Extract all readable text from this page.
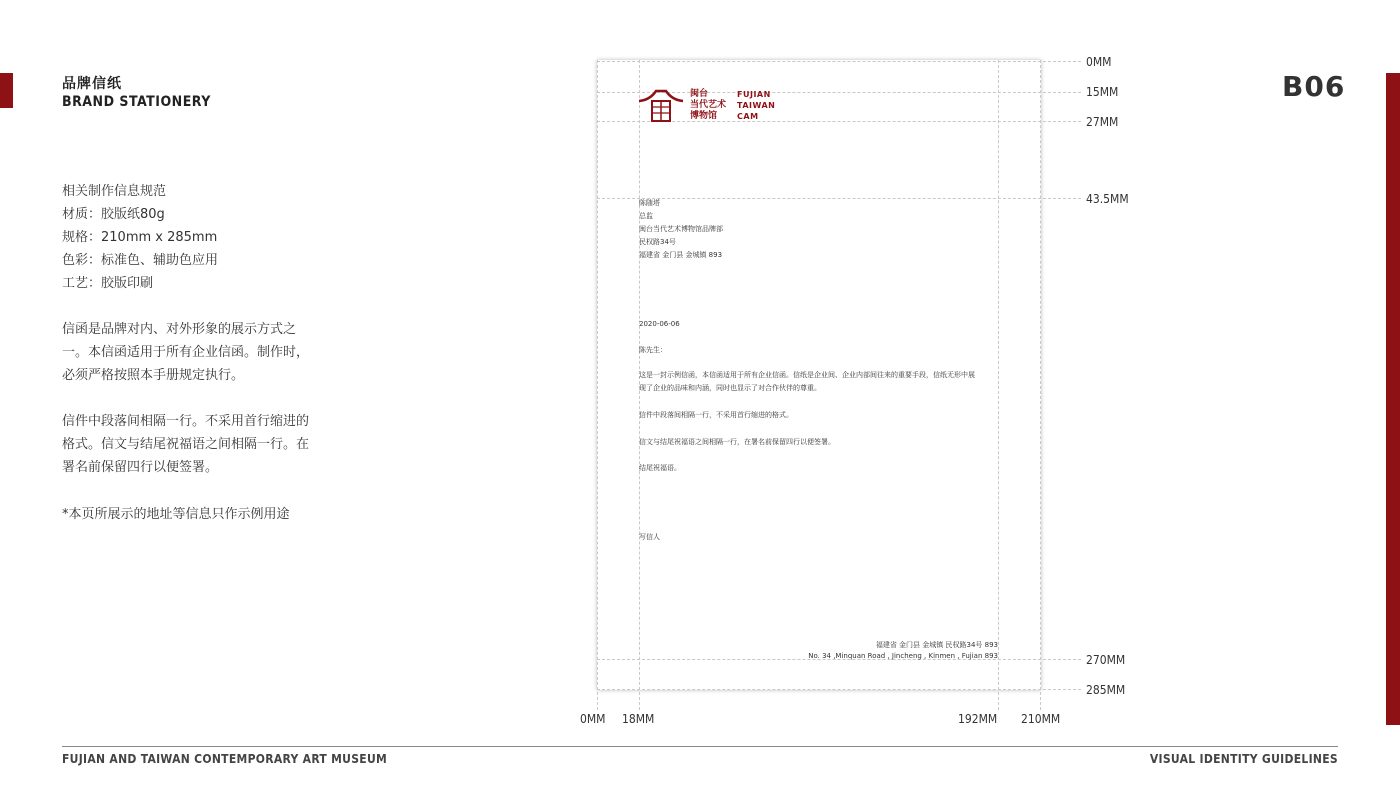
品牌信纸
BRAND STATIONERY	B06
相关制作信息规范
材质：胶版纸80g
规格：210mm x 285mm
色彩：标准色、辅助色应用
工艺：胶版印刷
信函是品牌对内、对外形象的展示方式之
一。本信函适用于所有企业信函。制作时，
必须严格按照本手册规定执行。
信件中段落间相隔一行。不采用首行缩进的
格式。信文与结尾祝福语之间相隔一行。在
署名前保留四行以便签署。
*本页所展示的地址等信息只作示例用途
0MM
15MM
27MM
43.5MM
270MM
285MM
0MM 18MM	192MM 210MM
闽台
当代艺术
博物馆
FUJIAN
TAIWAN
CAM
陈随塔
总监
闽台当代艺术博物馆品牌部
民权路34号
福建省 金门县 金城镇 893
2020-06-06
陈先生：
这是一封示例信函，本信函适用于所有企业信函。信纸是企业间、企业内部间往来的重要手段，信纸无形中展
现了企业的品味和内涵，同时也显示了对合作伙伴的尊重。
信件中段落间相隔一行，不采用首行缩进的格式。
信文与结尾祝福语之间相隔一行，在署名前保留四行以便签署。
结尾祝福语。
写信人
福建省 金门县 金城镇 民权路34号 893
No. 34 ,Minquan Road , Jincheng , Kinmen , Fujian 893
FUJIAN AND TAIWAN CONTEMPORARY ART MUSEUM	VISUAL IDENTITY GUIDELINES
